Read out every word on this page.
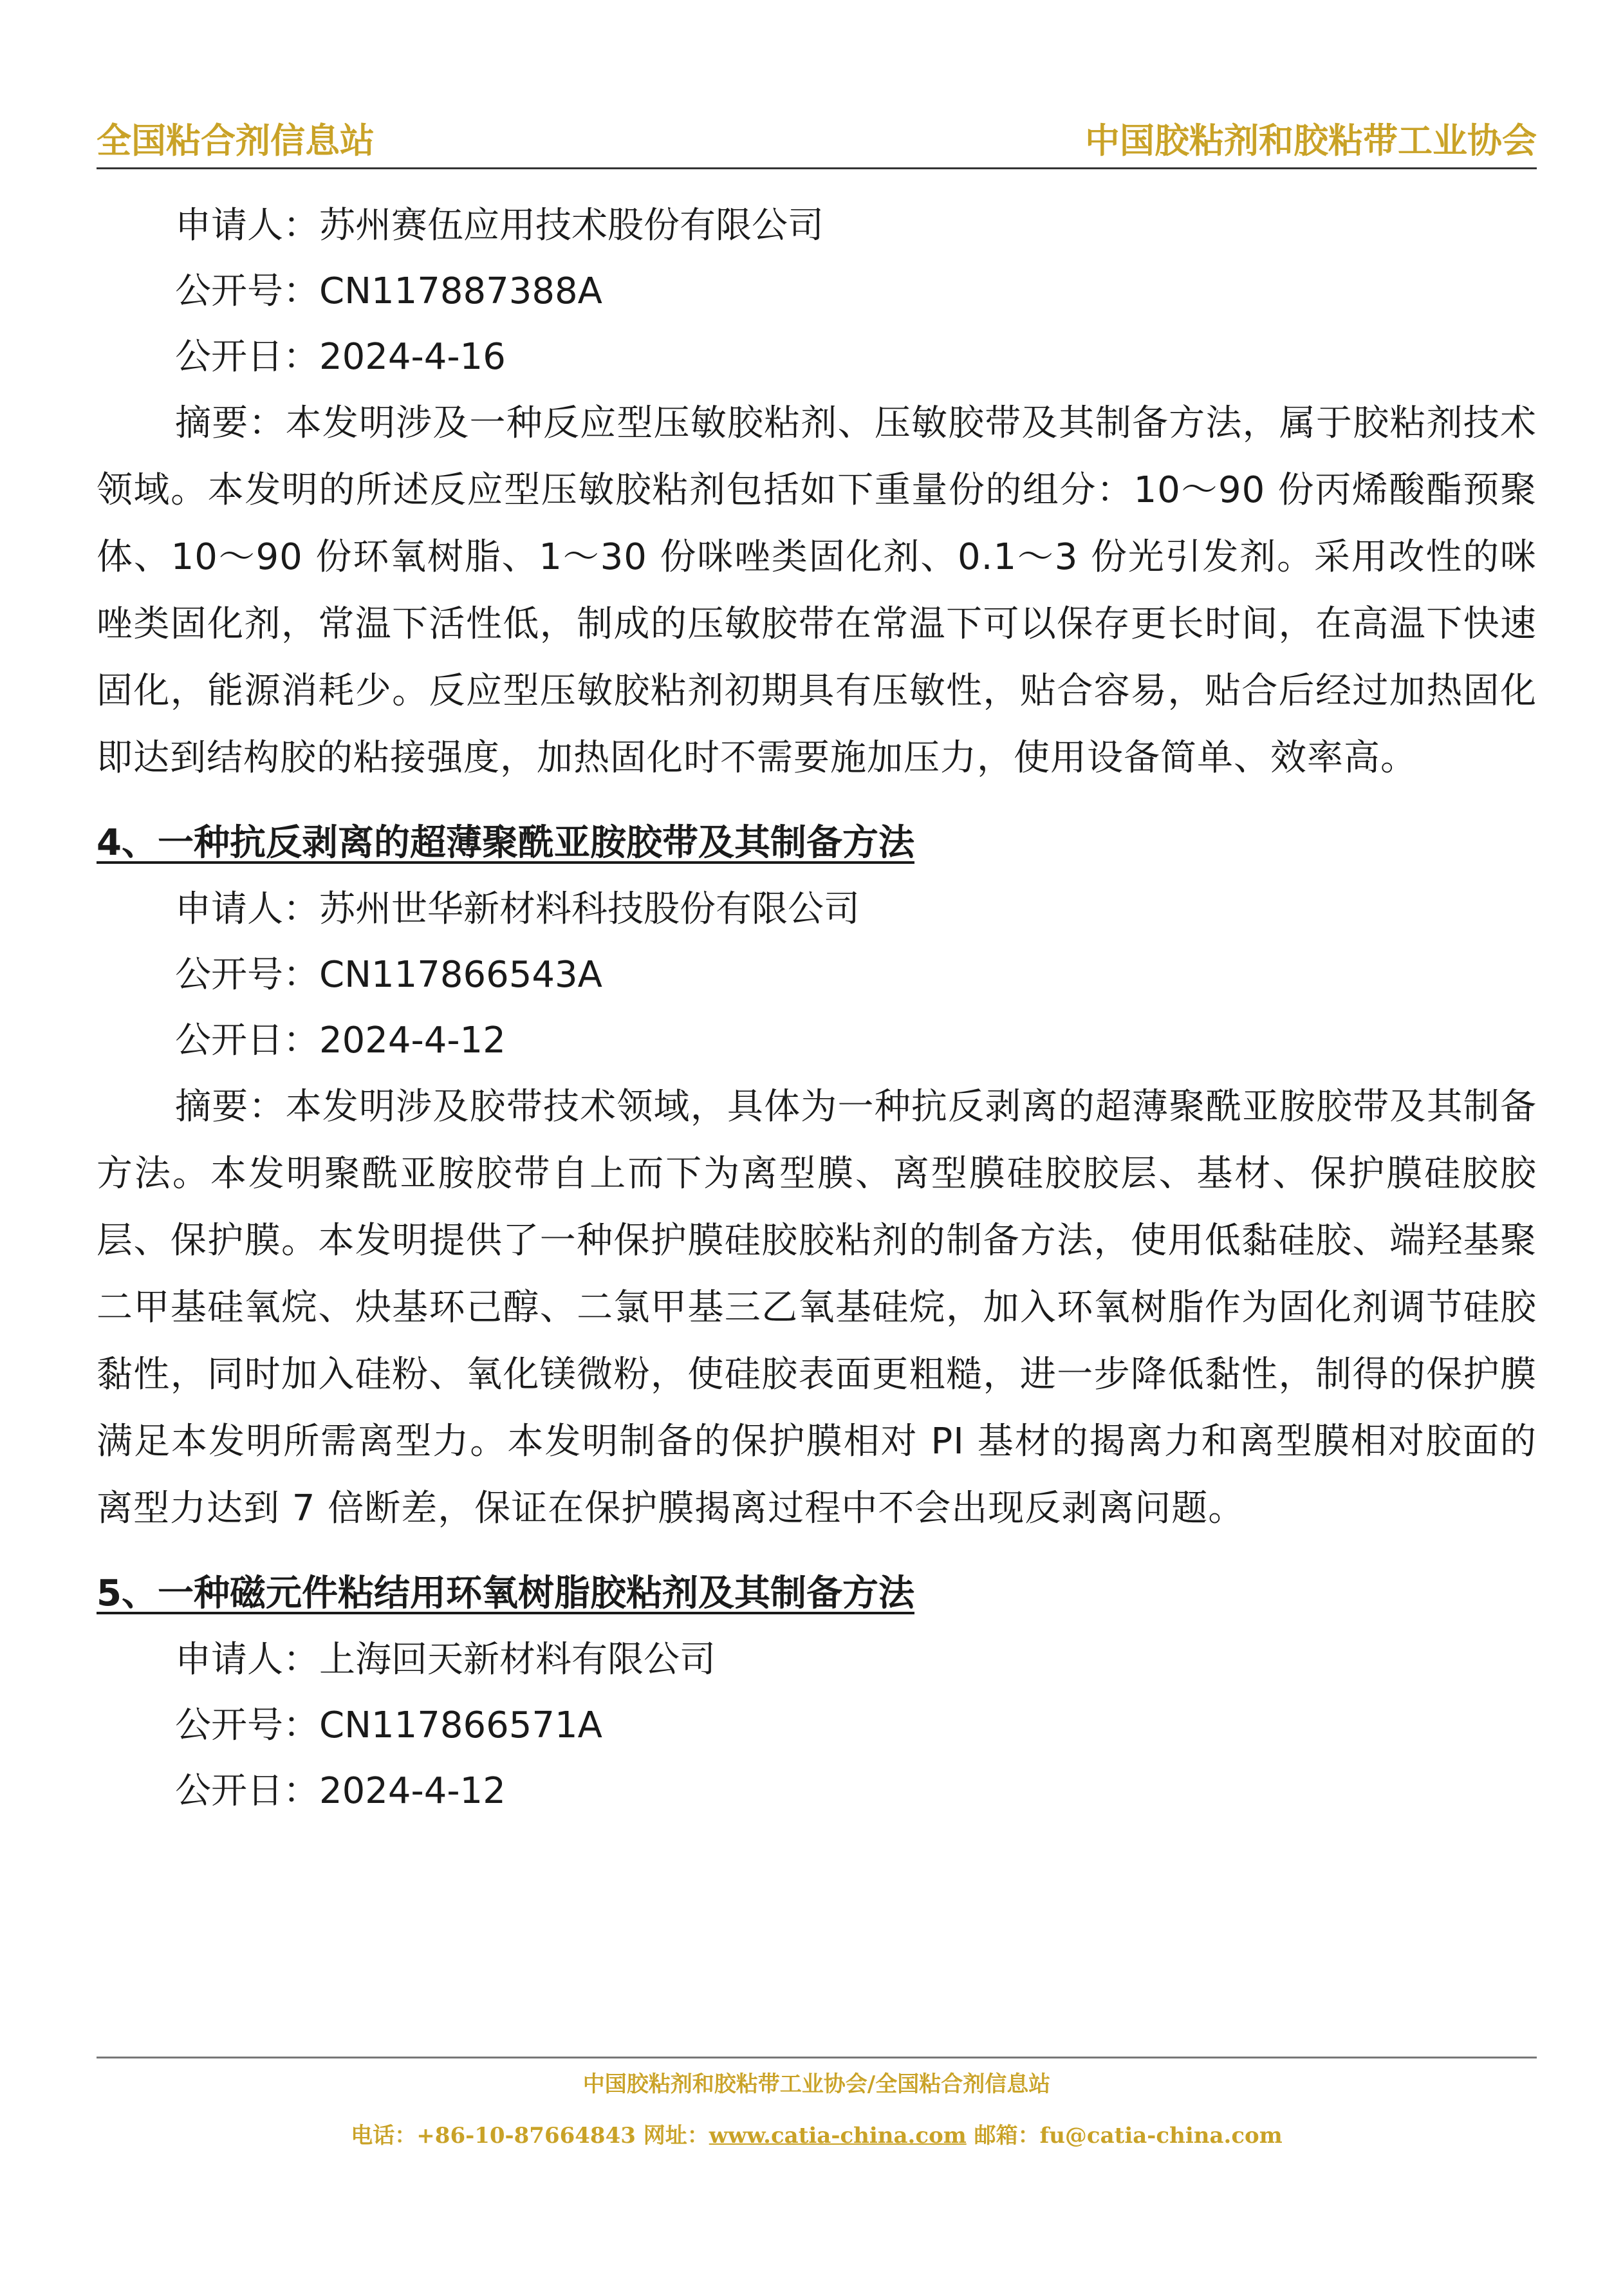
全国粘合剂信息站	中国胶粘剂和胶粘带工业协会

申请人：苏州赛伍应用技术股份有限公司

公开号：CN117887388A

公开日：2024-4-16

摘要：本发明涉及一种反应型压敏胶粘剂、压敏胶带及其制备方法，属于胶粘剂技术领域。本发明的所述反应型压敏胶粘剂包括如下重量份的组分：10～90 份丙烯酸酯预聚体、10～90 份环氧树脂、1～30 份咪唑类固化剂、0.1～3 份光引发剂。采用改性的咪唑类固化剂，常温下活性低，制成的压敏胶带在常温下可以保存更长时间，在高温下快速固化，能源消耗少。反应型压敏胶粘剂初期具有压敏性，贴合容易，贴合后经过加热固化即达到结构胶的粘接强度，加热固化时不需要施加压力，使用设备简单、效率高。

4、一种抗反剥离的超薄聚酰亚胺胶带及其制备方法

申请人：苏州世华新材料科技股份有限公司

公开号：CN117866543A

公开日：2024-4-12

摘要：本发明涉及胶带技术领域，具体为一种抗反剥离的超薄聚酰亚胺胶带及其制备方法。本发明聚酰亚胺胶带自上而下为离型膜、离型膜硅胶胶层、基材、保护膜硅胶胶层、保护膜。本发明提供了一种保护膜硅胶胶粘剂的制备方法，使用低黏硅胶、端羟基聚二甲基硅氧烷、炔基环己醇、二氯甲基三乙氧基硅烷，加入环氧树脂作为固化剂调节硅胶黏性，同时加入硅粉、氧化镁微粉，使硅胶表面更粗糙，进一步降低黏性，制得的保护膜满足本发明所需离型力。本发明制备的保护膜相对 PI 基材的揭离力和离型膜相对胶面的离型力达到 7 倍断差，保证在保护膜揭离过程中不会出现反剥离问题。

5、一种磁元件粘结用环氧树脂胶粘剂及其制备方法

申请人：上海回天新材料有限公司

公开号：CN117866571A

公开日：2024-4-12

中国胶粘剂和胶粘带工业协会/全国粘合剂信息站
电话：+86-10-87664843 网址：www.catia-china.com 邮箱：fu@catia-china.com
